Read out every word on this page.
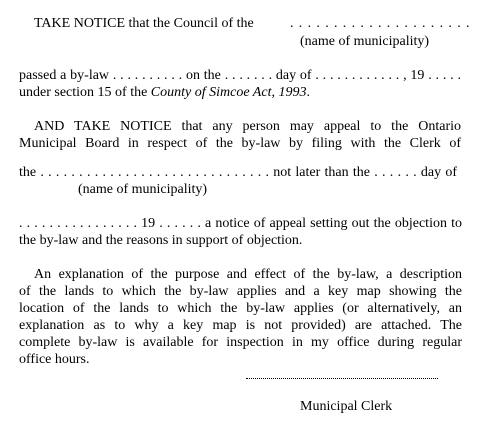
TAKE NOTICE that the Council of the	. . . . . . . . . . . . . . . . . . . . .
(name of municipality)
passed a by-law . . . . . . . . . . on the . . . . . . . day of . . . . . . . . . . . . , 19 . . . . .
under section 15 of the County of Simcoe Act, 1993.
AND TAKE NOTICE that any person may appeal to the Ontario
Municipal Board in respect of the by-law by filing with the Clerk of
the . . . . . . . . . . . . . . . . . . . . . . . . . . . . . . not later than the . . . . . . day of
(name of municipality)
. . . . . . . . . . . . . . . . 19 . . . . . . a notice of appeal setting out the objection to
the by-law and the reasons in support of objection.
An explanation of the purpose and effect of the by-law, a description
of the lands to which the by-law applies and a key map showing the
location of the lands to which the by-law applies (or alternatively, an
explanation as to why a key map is not provided) are attached. The
complete by-law is available for inspection in my office during regular
office hours.
Municipal Clerk
